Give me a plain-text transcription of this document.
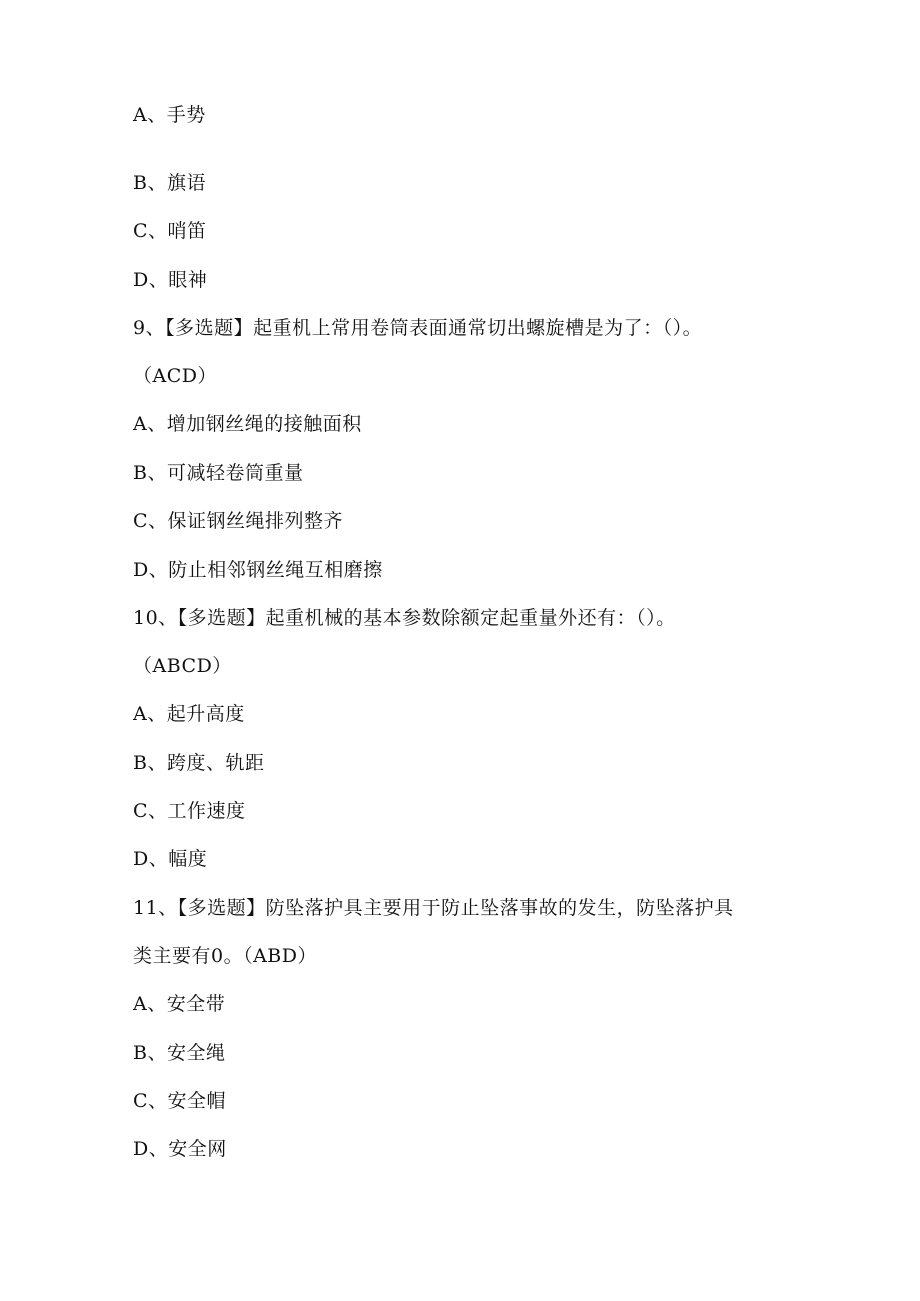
A、手势
B、旗语
C、哨笛
D、眼神
9、【多选题】起重机上常用卷筒表面通常切出螺旋槽是为了：（）。
（ACD）
A、增加钢丝绳的接触面积
B、可减轻卷筒重量
C、保证钢丝绳排列整齐
D、防止相邻钢丝绳互相磨擦
10、【多选题】起重机械的基本参数除额定起重量外还有：（）。
（ABCD）
A、起升高度
B、跨度、轨距
C、工作速度
D、幅度
11、【多选题】防坠落护具主要用于防止坠落事故的发生，防坠落护具
类主要有0。（ABD）
A、安全带
B、安全绳
C、安全帽
D、安全网
